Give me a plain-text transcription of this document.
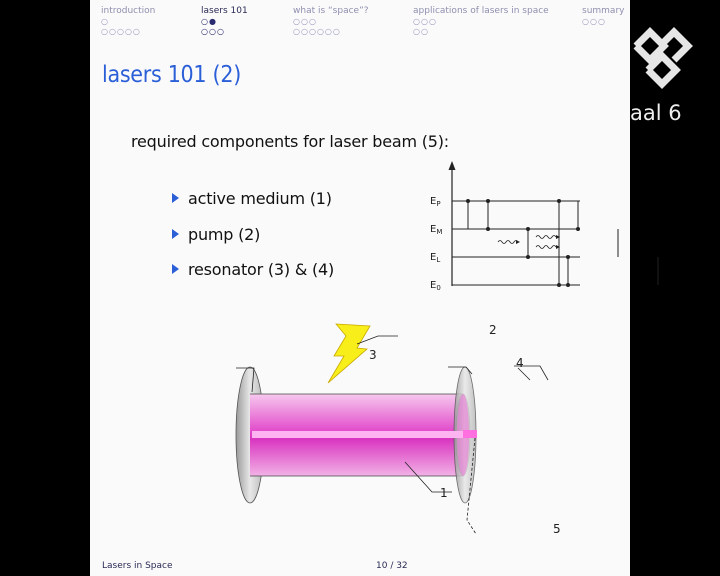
introduction
○
○○○○○
lasers 101
○●
○○○
what is “space”?
○○○
○○○○○○
applications of lasers in space
○○○
○○
summary
○○○
lasers 101 (2)
required components for laser beam (5):
active medium (1)
pump (2)
resonator (3) & (4)
$E_P$
$E_M$
$E_L$
$E_0$
1
2
3
4
5
Lasers in Space	10 / 32
aal 6
